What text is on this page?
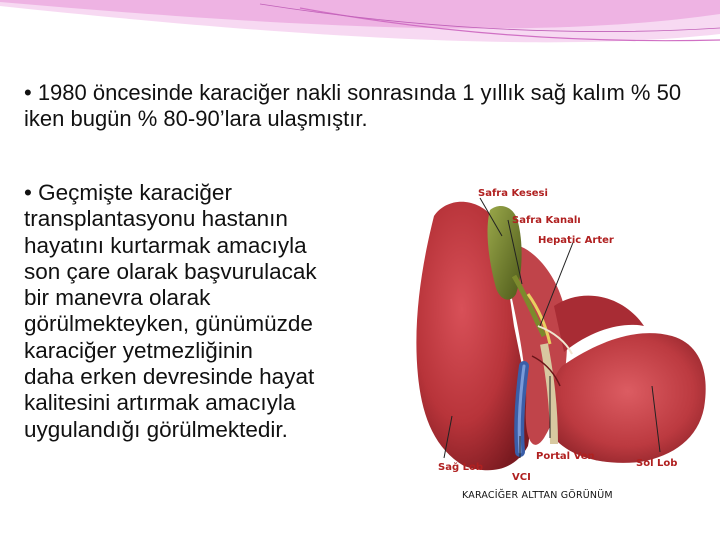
• 1980 öncesinde karaciğer nakli sonrasında 1 yıllık sağ kalım % 50 iken bugün % 80-90’lara ulaşmıştır.
• Geçmişte karaciğer
transplantasyonu hastanın
hayatını kurtarmak amacıyla
son çare olarak başvurulacak
bir manevra olarak
görülmekteyken, günümüzde
karaciğer yetmezliğinin
daha erken devresinde hayat
kalitesini artırmak amacıyla
uygulandığı görülmektedir.
Safra Kesesi
Safra Kanalı
Hepatic Arter
Portal Ven
Sağ Lob	Sol Lob
VCI
KARACİĞER ALTTAN GÖRÜNÜM
